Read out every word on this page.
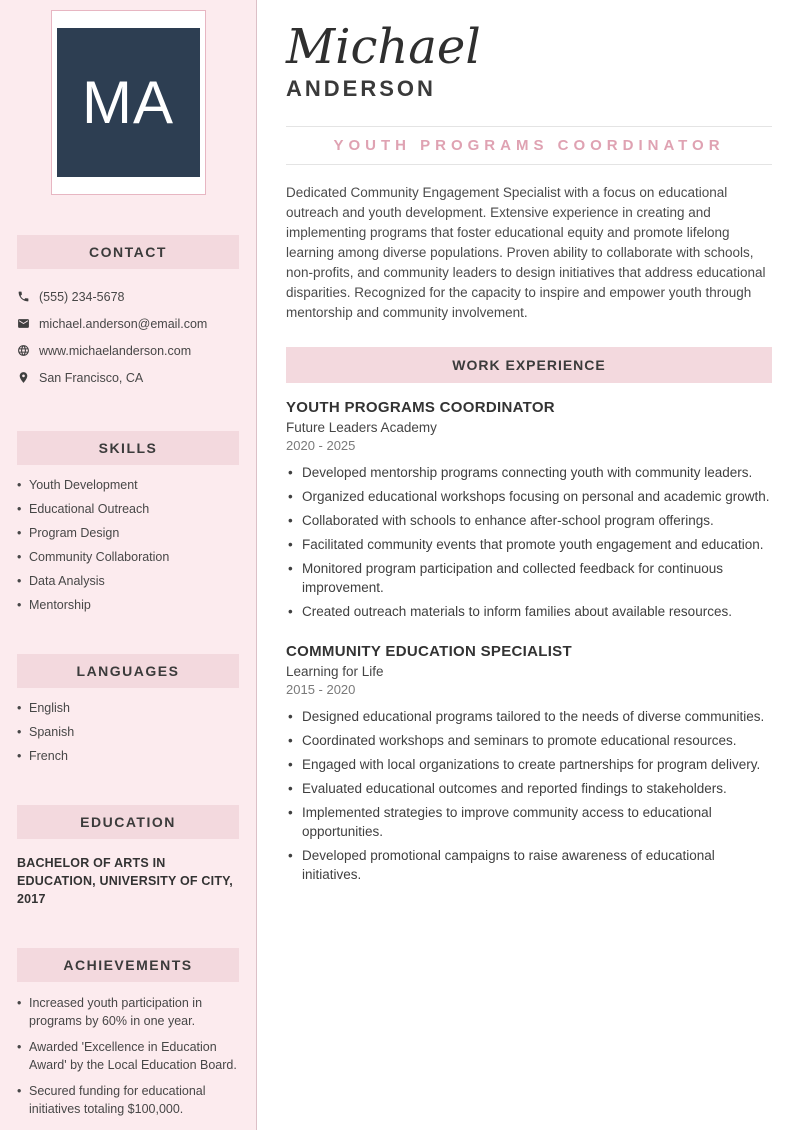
MA
CONTACT
(555) 234-5678
michael.anderson@email.com
www.michaelanderson.com
San Francisco, CA
SKILLS
• Youth Development
• Educational Outreach
• Program Design
• Community Collaboration
• Data Analysis
• Mentorship
LANGUAGES
• English
• Spanish
• French
EDUCATION

BACHELOR OF ARTS IN EDUCATION, UNIVERSITY OF CITY, 2017

ACHIEVEMENTS
• Increased youth participation in programs by 60% in one year.
• Awarded 'Excellence in Education Award' by the Local Education Board.
• Secured funding for educational initiatives totaling $100,000.
Michael
ANDERSON
YOUTH PROGRAMS COORDINATOR

Dedicated Community Engagement Specialist with a focus on educational outreach and youth development. Extensive experience in creating and implementing programs that foster educational equity and promote lifelong learning among diverse populations. Proven ability to collaborate with schools, non-profits, and community leaders to design initiatives that address educational disparities. Recognized for the capacity to inspire and empower youth through mentorship and community involvement.

WORK EXPERIENCE
YOUTH PROGRAMS COORDINATOR
Future Leaders Academy
2020 - 2025
• Developed mentorship programs connecting youth with community leaders.
• Organized educational workshops focusing on personal and academic growth.
• Collaborated with schools to enhance after-school program offerings.
• Facilitated community events that promote youth engagement and education.
• Monitored program participation and collected feedback for continuous improvement.
• Created outreach materials to inform families about available resources.
COMMUNITY EDUCATION SPECIALIST
Learning for Life
2015 - 2020
• Designed educational programs tailored to the needs of diverse communities.
• Coordinated workshops and seminars to promote educational resources.
• Engaged with local organizations to create partnerships for program delivery.
• Evaluated educational outcomes and reported findings to stakeholders.
• Implemented strategies to improve community access to educational opportunities.
• Developed promotional campaigns to raise awareness of educational initiatives.
